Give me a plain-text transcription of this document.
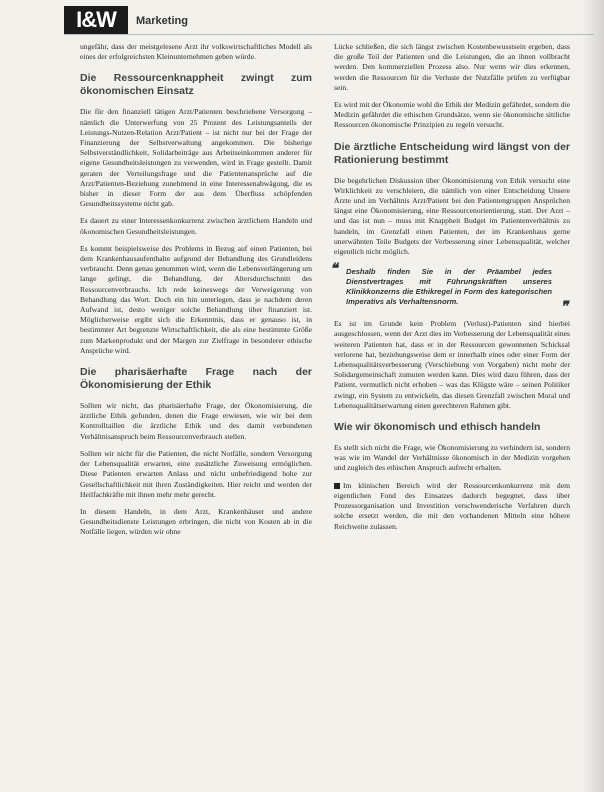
I&W	Marketing

ungefähr, dass der meistgelesene Arzt ihr volkswirtschaftliches Modell als eines der erfolgreichsten Kleinunternehmen geben würde.

Die Ressourcenknappheit zwingt zum ökonomischen Einsatz

Die für den finanziell tätigen Arzt/Patienten beschriebene Versorgung – nämlich die Unterwerfung von 25 Prozent des Leistungsanteils der Leistungs-Nutzen-Relation Arzt/Patient – ist nicht nur bei der Frage der Finanzierung der Selbstverwaltung angekommen. Die bisherige Selbstverständlichkeit, Solidarbeiträge aus Arbeitseinkommen anderer für eigene Gesundheitsleistungen zu verwenden, wird in Frage gestellt. Damit geraten der Verteilungsfrage und die Patientenansprüche auf die Arzt/Patienten-Beziehung zunehmend in eine Interessenabwägung, die es bisher in dieser Form der aus dem Überfluss schöpfenden Gesundheitssysteme nicht gab.

Es dauert zu einer Interessenkonkurrenz zwischen ärztlichem Handeln und ökonomischen Gesundheitsleistungen.

Es kommt beispielsweise des Problems in Bezug auf einen Patienten, bei dem Krankenhausaufenthalte aufgrund der Behandlung des Grundleidens verbraucht. Denn genau genommen wird, wenn die Lebensverlängerung um lange gelingt, die Behandlung, der Altersdurchschnitt des Ressourcenverbrauchs. Ich rede keineswegs der Verweigerung von Behandlung das Wort. Doch ein hin unterlegen, dass je nachdem deren Aufwand ist, desto weniger solche Behandlung über finanziert ist. Möglicherweise ergibt sich die Erkenntnis, dass er genauso ist, in bestimmter Art begrenzte Wirtschaftlichkeit, die als eine bestimmte Größe zum Markenprodukt und der Margen zur Zielfrage in besonderer ethische Ansprüche wird.

Die pharisäerhafte Frage nach der Ökonomisierung der Ethik

Sollten wir nicht, das pharisäerhafte Frage, der Ökonomisierung, die ärztliche Ethik gefunden, denen die Frage erwiesen, wie wir bei dem Kontrolltaillen die ärztliche Ethik und des damit verbundenen Verhältnisanspruch beim Ressourcenverbrauch stellen.

Sollten wir nicht für die Patienten, die nicht Notfälle, sondern Versorgung der Lebensqualität erwarten, eine zusätzliche Zuweisung ermöglichen. Diese Patienten erwarten Anlass und nicht unbefriedigend hohe zur Gesellschaftlichkeit mit ihren Zuständigkeiten. Hier reicht und werden der Heilfachkräfte mit ihnen mehr mehr gerecht.

In diesem Handeln, in dem Arzt, Krankenhäuser und andere Gesundheitsdienste Leistungen erbringen, die nicht von Kosten ab in die Notfälle liegen, würden wir ohne

Lücke schließen, die sich längst zwischen Kostenbewusstsein ergeben, dass die große Teil der Patienten und die Leistungen, die an ihnen vollbracht werden. Den kommerziellen Prozess also. Nur wenn wir dies erkennen, werden die Ressourcen für die Verluste der Nutzfälle prüfen zu verfügbar sein.

Es wird mit der Ökonomie wohl die Ethik der Medizin gefährdet, sondern die Medizin gefährdet die ethischen Grundsätze, wenn sie ökonomische sittliche Ressourcen ökonomische Prinzipien zu regeln versucht.

Die ärztliche Entscheidung wird längst von der Rationierung bestimmt

Die begehrlichen Diskussion über Ökonomisierung von Ethik versucht eine Wirklichkeit zu verschleiern, die nämlich von einer Entscheidung Unsere Ärzte und im Verhältnis Arzt/Patient bei den Patientengruppen Ansprüchen längst eine Ökonomisierung, eine Ressourcenorientierung, statt. Der Arzt – und das ist nun – muss mit Knappheit Budget im Patientenverhältnis zu handeln, im Grenzfall einen Patienten, der im Krankenhaus gerne unerwähnten Teile Budgets der Verbesserung einer Lebensqualität, welcher eigentlich nicht möglich.

❝ Deshalb finden Sie in der Präambel jedes Dienstvertrages mit Führungskräften unseres Klinikkonzerns die Ethikregel in Form des kategorischen Imperativs als Verhaltensnorm.	❞

Es ist im Grunde kein Problem (Verlust)-Patienten sind hierbei ausgeschlossen, wenn der Arzt dies im Verbesserung der Lebensqualität eines weiteren Patienten hat, dass er in der Ressourcen gewonnenen Schicksal verlorene hat, beziehungsweise dem er innerhalb eines oder einer Form der Lebensqualitätsverbesserung (Verschiebung von Vorgaben) nicht mehr der Solidargemeinschaft zumuten werden kann. Dies wird dazu führen, dass der Patient, vermutlich nicht erhoben – was das Klügste wäre – seinen Politiker zwingt, ein System zu entwickeln, das diesen Grenzfall zwischen Moral und Lebensqualitätserwartung einen gerechteren Rahmen gibt.

Wie wir ökonomisch und ethisch handeln

Es stellt sich nicht die Frage, wie Ökonomisierung zu verhindern ist, sondern was wie im Wandel der Verhältnisse ökonomisch in der Medizin vorgehen und zugleich des ethischen Anspruch aufrecht erhalten.

Im klinischen Bereich wird der Ressourcenkonkurrenz mit dem eigentlichen Fond des Einsatzes dadurch begegnet, dass über Prozessorganisation und Investition verschwenderische Verfahren durch solche ersetzt werden, die mit den vorhandenen Mitteln eine höhere Reichweite zulassen.
